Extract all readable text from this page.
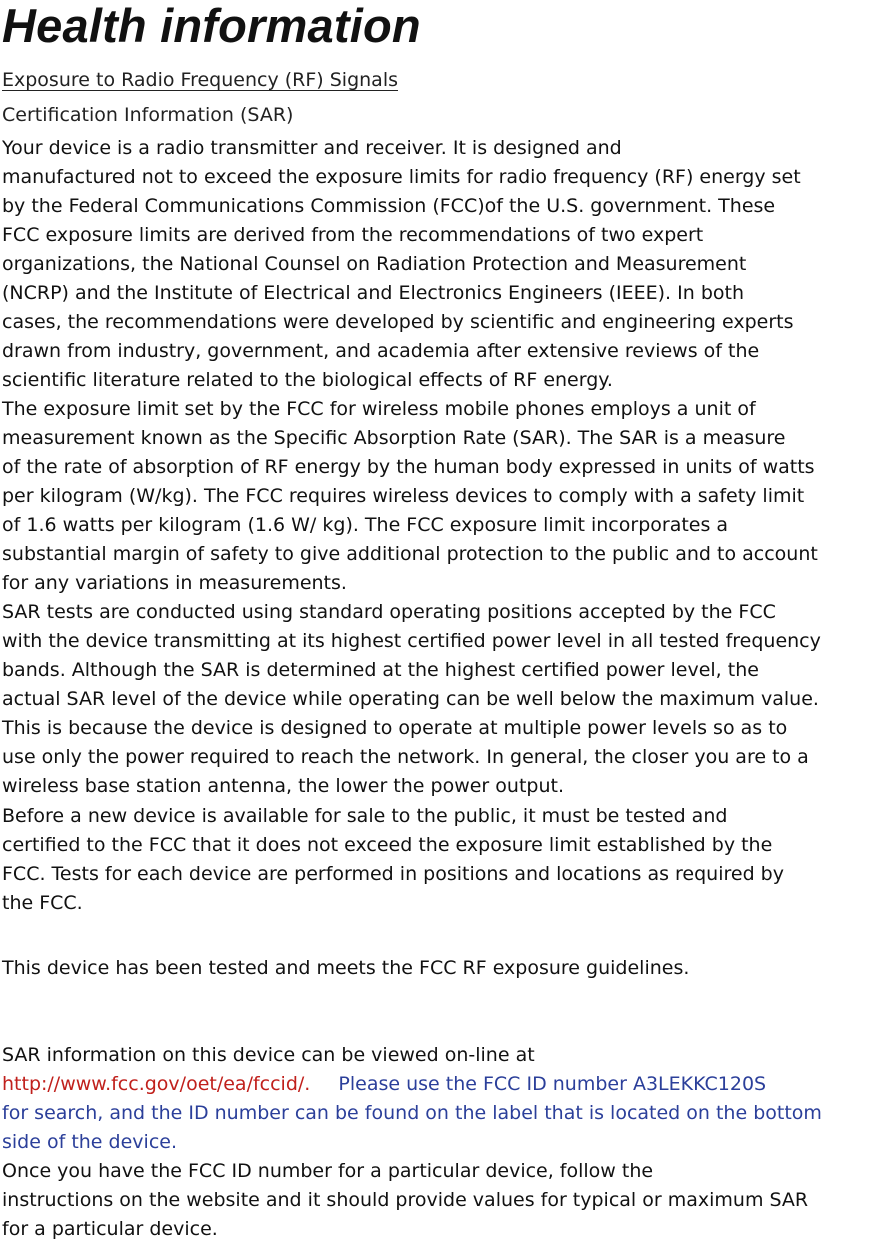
Health information
Exposure to Radio Frequency (RF) Signals
Certification Information (SAR)
Your device is a radio transmitter and receiver. It is designed and
manufactured not to exceed the exposure limits for radio frequency (RF) energy set
by the Federal Communications Commission (FCC)of the U.S. government. These
FCC exposure limits are derived from the recommendations of two expert
organizations, the National Counsel on Radiation Protection and Measurement
(NCRP) and the Institute of Electrical and Electronics Engineers (IEEE). In both
cases, the recommendations were developed by scientific and engineering experts
drawn from industry, government, and academia after extensive reviews of the
scientific literature related to the biological effects of RF energy.
The exposure limit set by the FCC for wireless mobile phones employs a unit of
measurement known as the Specific Absorption Rate (SAR). The SAR is a measure
of the rate of absorption of RF energy by the human body expressed in units of watts
per kilogram (W/kg). The FCC requires wireless devices to comply with a safety limit
of 1.6 watts per kilogram (1.6 W/ kg). The FCC exposure limit incorporates a
substantial margin of safety to give additional protection to the public and to account
for any variations in measurements.
SAR tests are conducted using standard operating positions accepted by the FCC
with the device transmitting at its highest certified power level in all tested frequency
bands. Although the SAR is determined at the highest certified power level, the
actual SAR level of the device while operating can be well below the maximum value.
This is because the device is designed to operate at multiple power levels so as to
use only the power required to reach the network. In general, the closer you are to a
wireless base station antenna, the lower the power output.
Before a new device is available for sale to the public, it must be tested and
certified to the FCC that it does not exceed the exposure limit established by the
FCC. Tests for each device are performed in positions and locations as required by
the FCC.
This device has been tested and meets the FCC RF exposure guidelines.
SAR information on this device can be viewed on-line at
http://www.fcc.gov/oet/ea/fccid/. Please use the FCC ID number A3LEKKC120S
for search, and the ID number can be found on the label that is located on the bottom
side of the device.
Once you have the FCC ID number for a particular device, follow the
instructions on the website and it should provide values for typical or maximum SAR
for a particular device.
